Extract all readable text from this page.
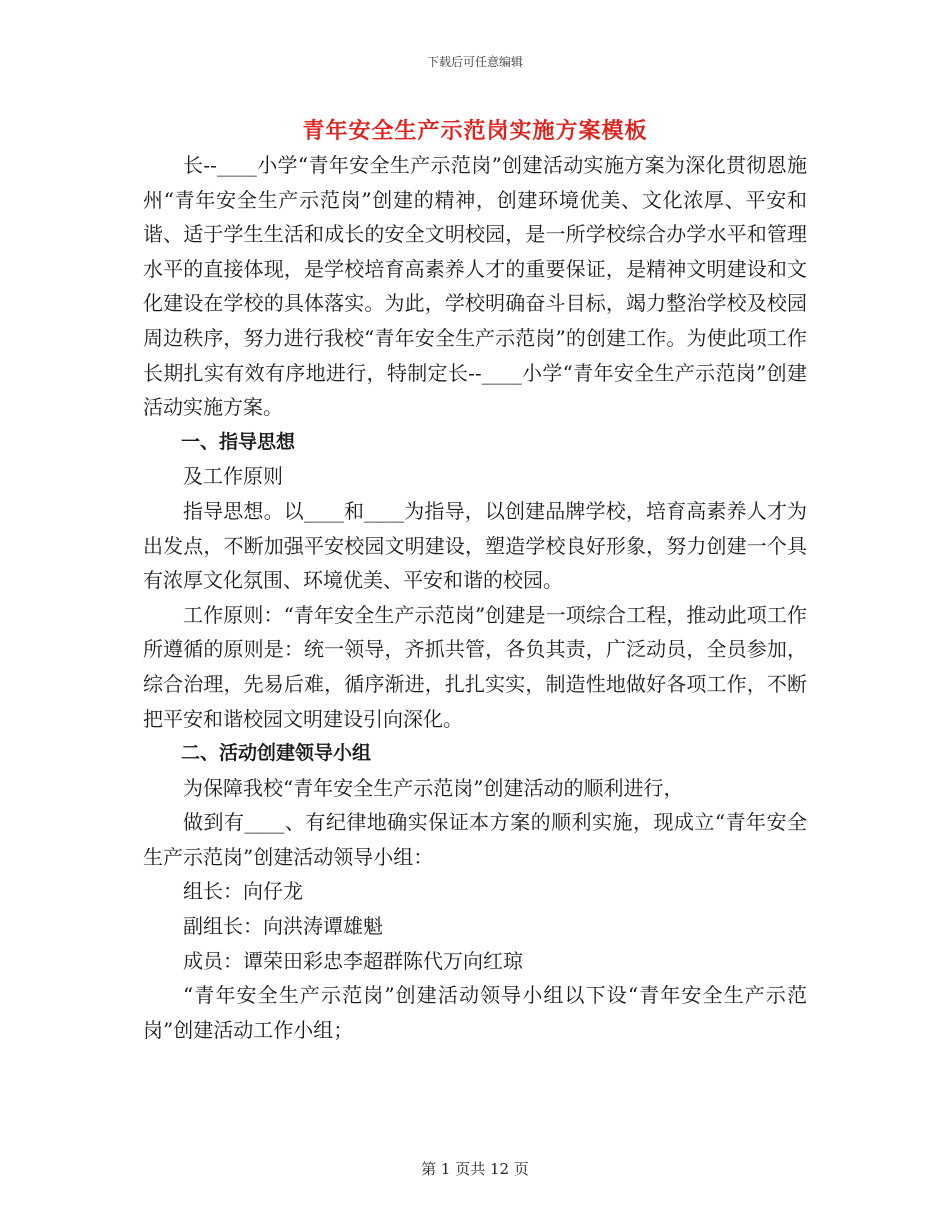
下载后可任意编辑
青年安全生产示范岗实施方案模板

长--____小学“青年安全生产示范岗”创建活动实施方案为深化贯彻恩施州“青年安全生产示范岗”创建的精神，创建环境优美、文化浓厚、平安和谐、适于学生生活和成长的安全文明校园，是一所学校综合办学水平和管理水平的直接体现，是学校培育高素养人才的重要保证，是精神文明建设和文化建设在学校的具体落实。为此，学校明确奋斗目标，竭力整治学校及校园周边秩序，努力进行我校“青年安全生产示范岗”的创建工作。为使此项工作长期扎实有效有序地进行，特制定长--____小学“青年安全生产示范岗”创建活动实施方案。

一、指导思想

及工作原则

指导思想。以____和____为指导，以创建品牌学校，培育高素养人才为出发点，不断加强平安校园文明建设，塑造学校良好形象，努力创建一个具有浓厚文化氛围、环境优美、平安和谐的校园。

工作原则：“青年安全生产示范岗”创建是一项综合工程，推动此项工作所遵循的原则是：统一领导，齐抓共管，各负其责，广泛动员，全员参加，综合治理，先易后难，循序渐进，扎扎实实，制造性地做好各项工作，不断把平安和谐校园文明建设引向深化。

二、活动创建领导小组

为保障我校“青年安全生产示范岗”创建活动的顺利进行，

做到有____、有纪律地确实保证本方案的顺利实施，现成立“青年安全生产示范岗”创建活动领导小组：

组长：向仔龙

副组长：向洪涛谭雄魁

成员：谭荣田彩忠李超群陈代万向红琼

“青年安全生产示范岗”创建活动领导小组以下设“青年安全生产示范岗”创建活动工作小组；

第 1 页共 12 页
